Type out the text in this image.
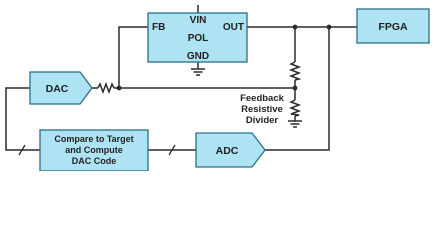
VIN
FB
POL
OUT
GND
FPGA
DAC
Compare to Target
and Compute
DAC Code
ADC
Feedback
Resistive
Divider
